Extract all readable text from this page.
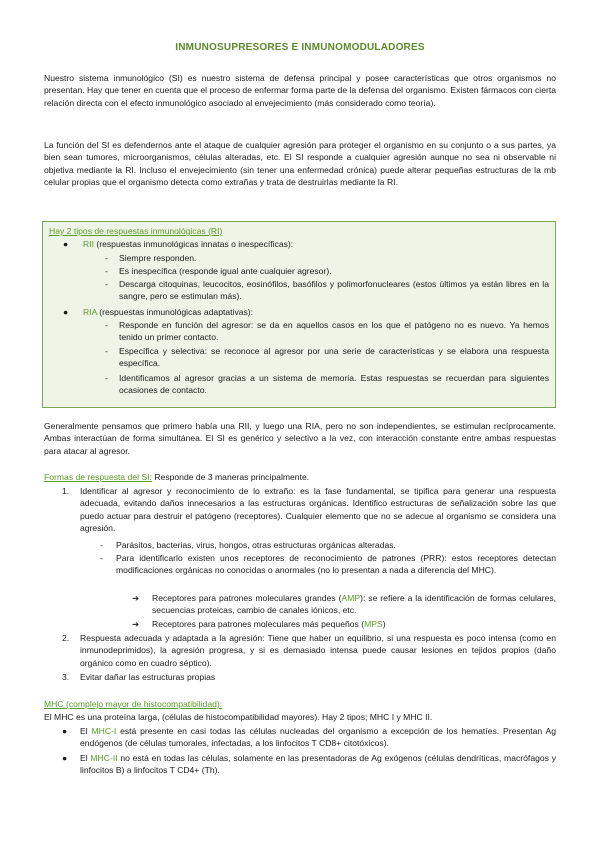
INMUNOSUPRESORES E INMUNOMODULADORES

Nuestro sistema inmunológico (SI) es nuestro sistema de defensa principal y posee características que otros organismos no presentan. Hay que tener en cuenta que el proceso de enfermar forma parte de la defensa del organismo. Existen fármacos con cierta relación directa con el efecto inmunológico asociado al envejecimiento (más considerado como teoría).

La función del SI es defendernos ante el ataque de cualquier agresión para proteger el organismo en su conjunto o a sus partes, ya bien sean tumores, microorganismos, células alteradas, etc. El SI responde a cualquier agresión aunque no sea ni observable ni objetiva mediante la RI. Incluso el envejecimiento (sin tener una enfermedad crónica) puede alterar pequeñas estructuras de la mb celular propias que el organismo detecta como extrañas y trata de destruirlas mediante la RI.

Hay 2 tipos de respuestas inmunológicas (RI)

● RII (respuestas inmunológicas innatas o inespecíficas):

- Siempre responden.

- Es inespecífica (responde igual ante cualquier agresor).

- Descarga citoquinas, leucocitos, eosinófilos, basófilos y polimorfonucleares (estos últimos ya están libres en la sangre, pero se estimulan más).

● RIA (respuestas inmunológicas adaptativas):

- Responde en función del agresor: se da en aquellos casos en los que el patógeno no es nuevo. Ya hemos tenido un primer contacto.

- Específica y selectiva: se reconoce al agresor por una serie de características y se elabora una respuesta específica.

- Identificamos al agresor gracias a un sistema de memoria. Estas respuestas se recuerdan para siguientes ocasiones de contacto.

Generalmente pensamos que primero había una RII, y luego una RIA, pero no son independientes, se estimulan recíprocamente. Ambas interactúan de forma simultánea. El SI es genérico y selectivo a la vez, con interacción constante entre ambas respuestas para atacar al agresor.

Formas de respuesta del SI: Responde de 3 maneras principalmente.

1. Identificar al agresor y reconocimiento de lo extraño: es la fase fundamental, se tipifica para generar una respuesta adecuada, evitando daños innecesarios a las estructuras orgánicas. Identifico estructuras de señalización sobre las que puedo actuar para destruir el patógeno (receptores). Cualquier elemento que no se adecue al organismo se considera una agresión.

- Parásitos, bacterias, virus, hongos, otras estructuras orgánicas alteradas.

- Para identificarlo existen unos receptores de reconocimiento de patrones (PRR): estos receptores detectan modificaciones orgánicas no conocidas o anormales (no lo presentan a nada a diferencia del MHC).

➔ Receptores para patrones moleculares grandes (AMP): se refiere a la identificación de formas celulares, secuencias proteicas, cambio de canales iónicos, etc.

➔ Receptores para patrones moleculares más pequeños (MPS)

2. Respuesta adecuada y adaptada a la agresión: Tiene que haber un equilibrio, si una respuesta es poco intensa (como en inmunodeprimidos), la agresión progresa, y si es demasiado intensa puede causar lesiones en tejidos propios (daño orgánico como en cuadro séptico).

3. Evitar dañar las estructuras propias

MHC (complejo mayor de histocompatibilidad):

El MHC es una proteína larga, (células de histocompatibilidad mayores). Hay 2 tipos; MHC I y MHC II.

● El MHC-I está presente en casi todas las células nucleadas del organismo a excepción de los hematíes. Presentan Ag endógenos (de células tumorales, infectadas, a los linfocitos T CD8+ citotóxicos).

● El MHC-II no está en todas las células, solamente en las presentadoras de Ag exógenos (células dendríticas, macrófagos y linfocitos B) a linfocitos T CD4+ (Th).
